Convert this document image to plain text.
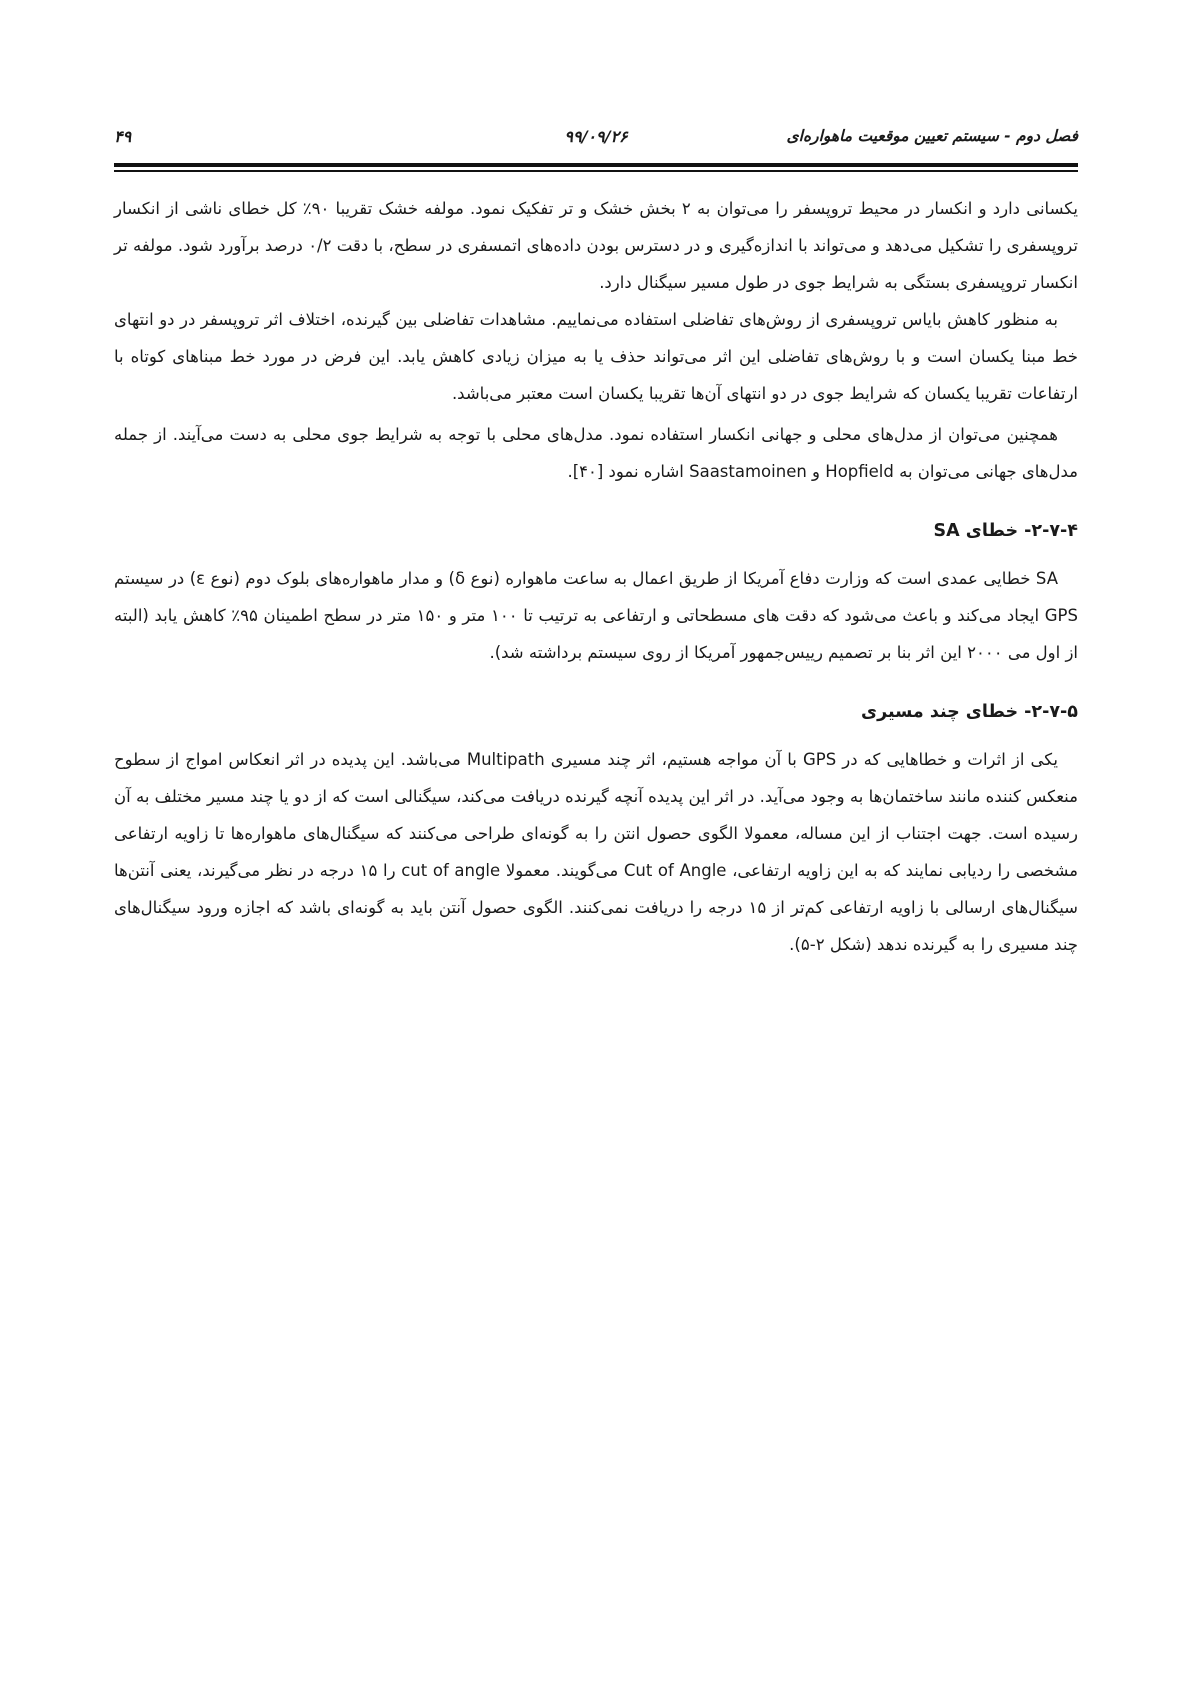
۴۹	۹۹/۰۹/۲۶	فصل دوم - سیستم تعیین موقعیت ماهواره‌ای

یکسانی دارد و انکسار در محیط تروپسفر را می‌توان به ۲ بخش خشک و تر تفکیک نمود. مولفه خشک تقریبا ۹۰٪ کل خطای ناشی از انکسار تروپسفری را تشکیل می‌دهد و می‌تواند با اندازه‌گیری و در دسترس بودن داده‌های اتمسفری در سطح، با دقت ۰/۲ درصد برآورد شود. مولفه تر انکسار تروپسفری بستگی به شرایط جوی در طول مسیر سیگنال دارد.

به منظور کاهش بایاس تروپسفری از روش‌های تفاضلی استفاده می‌نماییم. مشاهدات تفاضلی بین گیرنده، اختلاف اثر تروپسفر در دو انتهای خط مبنا یکسان است و با روش‌های تفاضلی این اثر می‌تواند حذف یا به میزان زیادی کاهش یابد. این فرض در مورد خط مبناهای کوتاه با ارتفاعات تقریبا یکسان که شرایط جوی در دو انتهای آن‌ها تقریبا یکسان است معتبر می‌باشد.

همچنین می‌توان از مدل‌های محلی و جهانی انکسار استفاده نمود. مدل‌های محلی با توجه به شرایط جوی محلی به دست می‌آیند. از جمله مدل‌های جهانی می‌توان به Hopfield و Saastamoinen اشاره نمود [۴۰].

۲-۷-۴- خطای SA

SA خطایی عمدی است که وزارت دفاع آمریکا از طریق اعمال به ساعت ماهواره (نوع δ) و مدار ماهواره‌های بلوک دوم (نوع ε) در سیستم GPS ایجاد می‌کند و باعث می‌شود که دقت های مسطحاتی و ارتفاعی به ترتیب تا ۱۰۰ متر و ۱۵۰ متر در سطح اطمینان ۹۵٪ کاهش یابد (البته از اول می ۲۰۰۰ این اثر بنا بر تصمیم رییس‌جمهور آمریکا از روی سیستم برداشته شد).

۲-۷-۵- خطای چند مسیری

یکی از اثرات و خطاهایی که در GPS با آن مواجه هستیم، اثر چند مسیری Multipath می‌باشد. این پدیده در اثر انعکاس امواج از سطوح منعکس کننده مانند ساختمان‌ها به وجود می‌آید. در اثر این پدیده آنچه گیرنده دریافت می‌کند، سیگنالی است که از دو یا چند مسیر مختلف به آن رسیده است. جهت اجتناب از این مساله، معمولا الگوی حصول انتن را به گونه‌ای طراحی می‌کنند که سیگنال‌های ماهواره‌ها تا زاویه ارتفاعی مشخصی را ردیابی نمایند که به این زاویه ارتفاعی، Cut of Angle می‌گویند. معمولا cut of angle را ۱۵ درجه در نظر می‌گیرند، یعنی آنتن‌ها سیگنال‌های ارسالی با زاویه ارتفاعی کم‌تر از ۱۵ درجه را دریافت نمی‌کنند. الگوی حصول آنتن باید به گونه‌ای باشد که اجازه ورود سیگنال‌های چند مسیری را به گیرنده ندهد (شکل ۲-۵).
